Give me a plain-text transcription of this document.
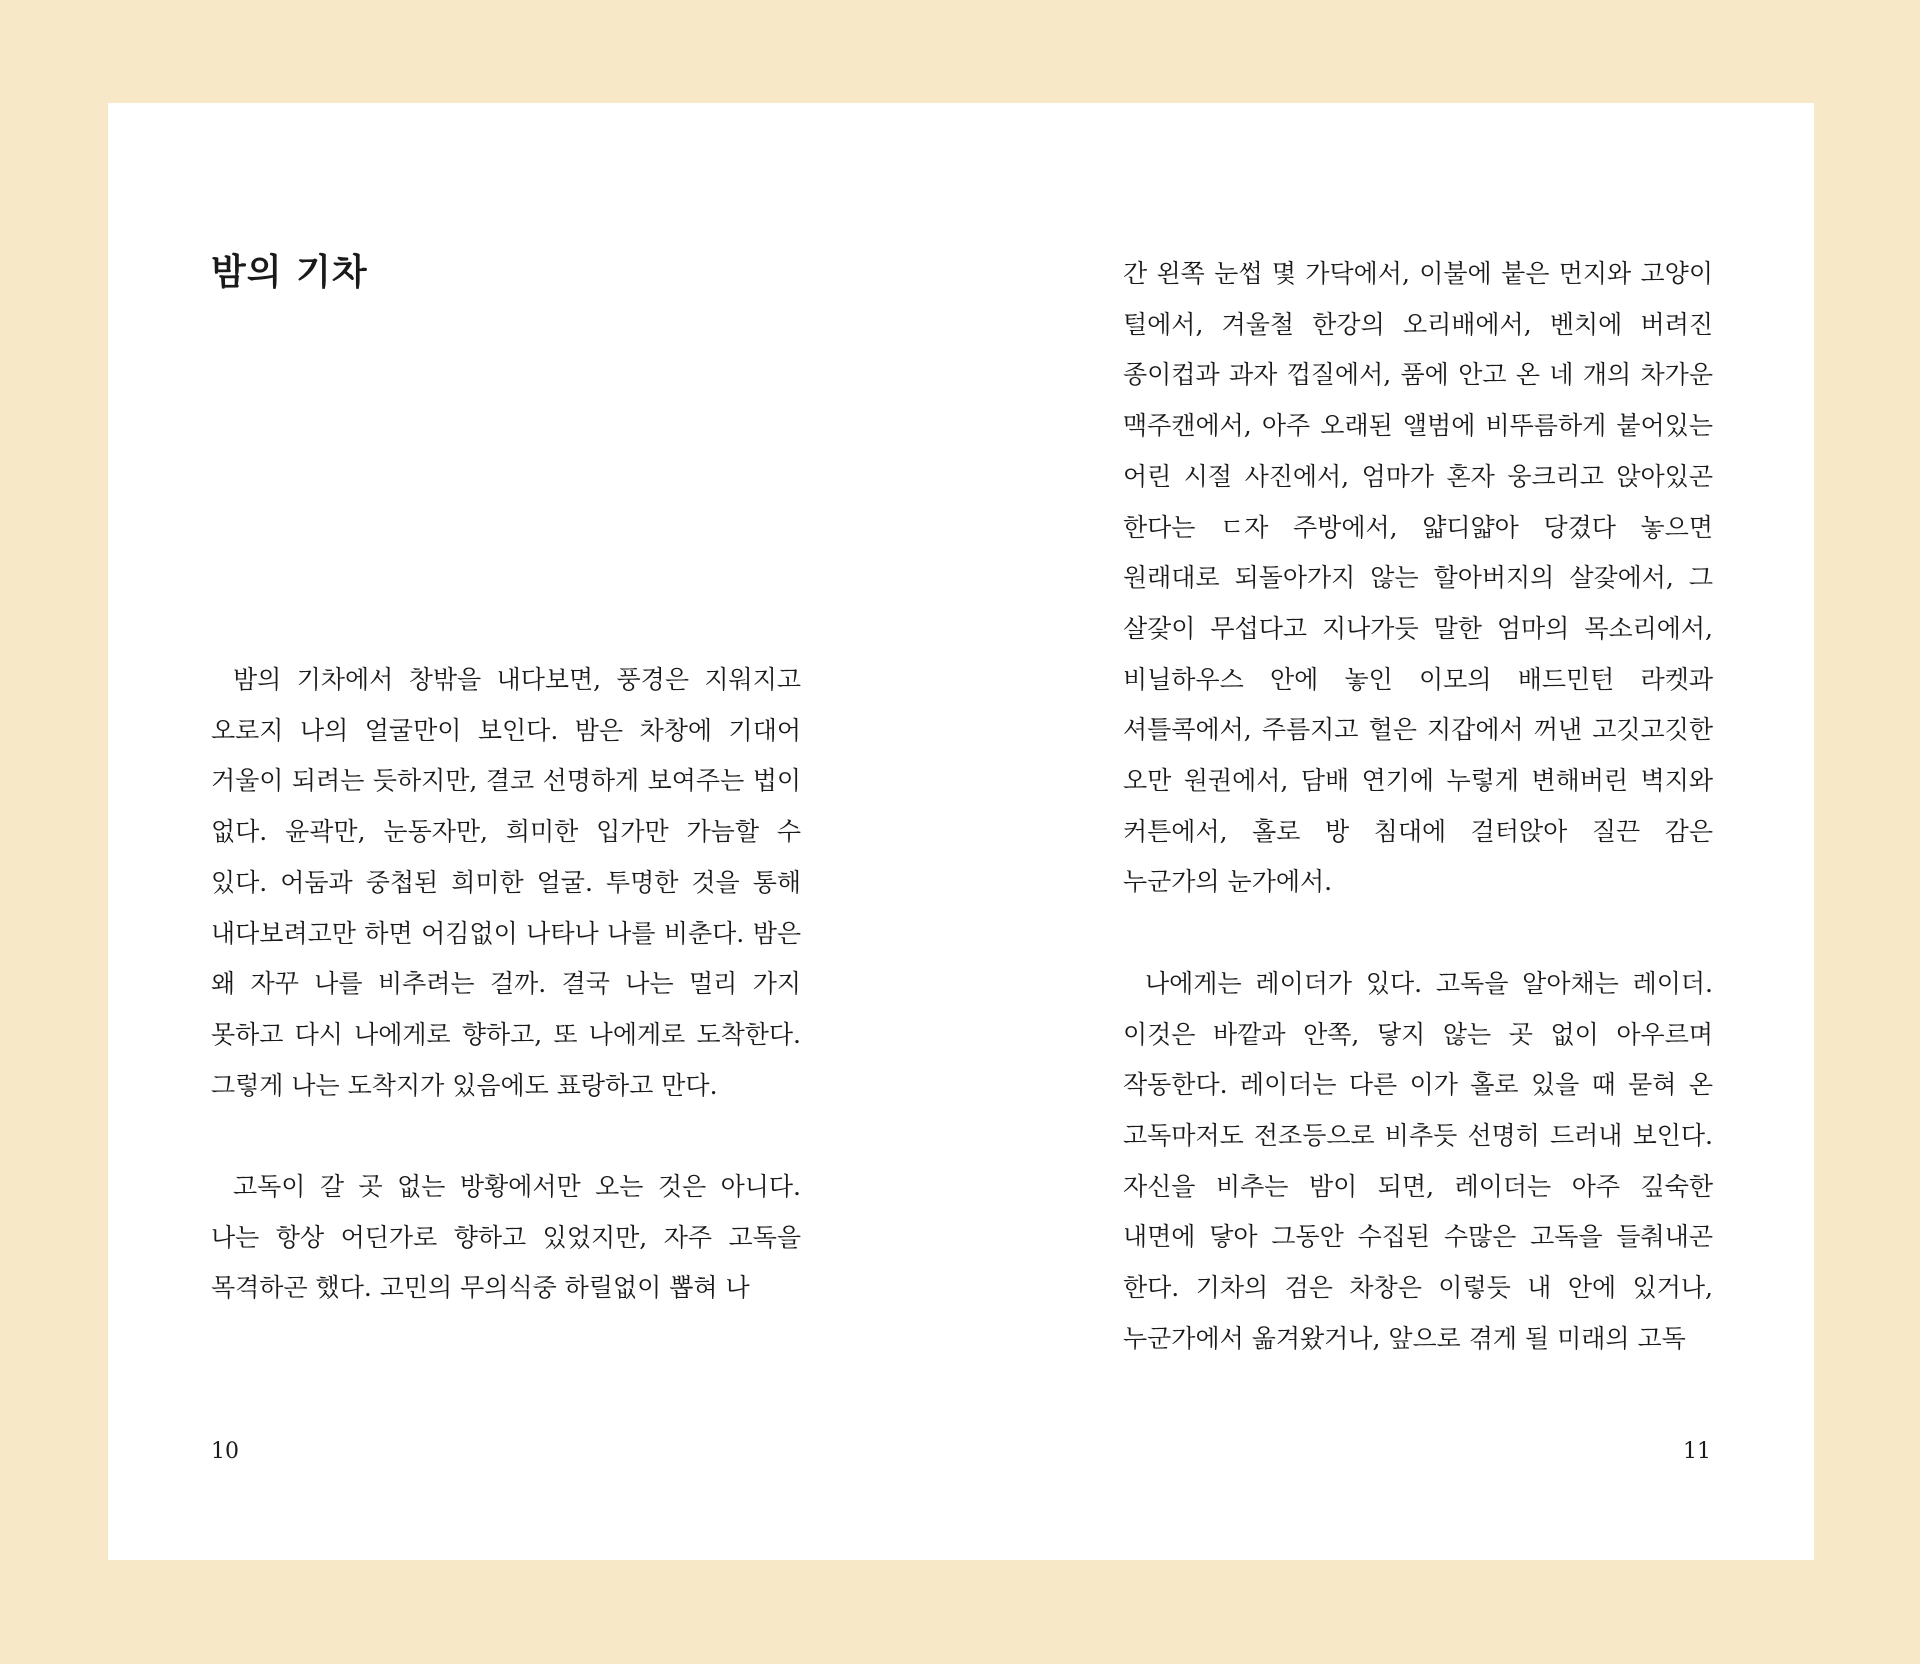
밤의 기차

밤의 기차에서 창밖을 내다보면, 풍경은 지워지고 오로지 나의 얼굴만이 보인다. 밤은 차창에 기대어 거울이 되려는 듯하지만, 결코 선명하게 보여주는 법이 없다. 윤곽만, 눈동자만, 희미한 입가만 가늠할 수 있다. 어둠과 중첩된 희미한 얼굴. 투명한 것을 통해 내다보려고만 하면 어김없이 나타나 나를 비춘다. 밤은 왜 자꾸 나를 비추려는 걸까. 결국 나는 멀리 가지 못하고 다시 나에게로 향하고, 또 나에게로 도착한다. 그렇게 나는 도착지가 있음에도 표랑하고 만다.

고독이 갈 곳 없는 방황에서만 오는 것은 아니다. 나는 항상 어딘가로 향하고 있었지만, 자주 고독을 목격하곤 했다. 고민의 무의식중 하릴없이 뽑혀 나

10

간 왼쪽 눈썹 몇 가닥에서, 이불에 붙은 먼지와 고양이 털에서, 겨울철 한강의 오리배에서, 벤치에 버려진 종이컵과 과자 껍질에서, 품에 안고 온 네 개의 차가운 맥주캔에서, 아주 오래된 앨범에 비뚜름하게 붙어있는 어린 시절 사진에서, 엄마가 혼자 웅크리고 앉아있곤 한다는 ㄷ자 주방에서, 얇디얇아 당겼다 놓으면 원래대로 되돌아가지 않는 할아버지의 살갗에서, 그 살갗이 무섭다고 지나가듯 말한 엄마의 목소리에서, 비닐하우스 안에 놓인 이모의 배드민턴 라켓과 셔틀콕에서, 주름지고 헐은 지갑에서 꺼낸 고깃고깃한 오만 원권에서, 담배 연기에 누렇게 변해버린 벽지와 커튼에서, 홀로 방 침대에 걸터앉아 질끈 감은 누군가의 눈가에서.

나에게는 레이더가 있다. 고독을 알아채는 레이더. 이것은 바깥과 안쪽, 닿지 않는 곳 없이 아우르며 작동한다. 레이더는 다른 이가 홀로 있을 때 묻혀 온 고독마저도 전조등으로 비추듯 선명히 드러내 보인다. 자신을 비추는 밤이 되면, 레이더는 아주 깊숙한 내면에 닿아 그동안 수집된 수많은 고독을 들춰내곤 한다. 기차의 검은 차창은 이렇듯 내 안에 있거나, 누군가에서 옮겨왔거나, 앞으로 겪게 될 미래의 고독

11
